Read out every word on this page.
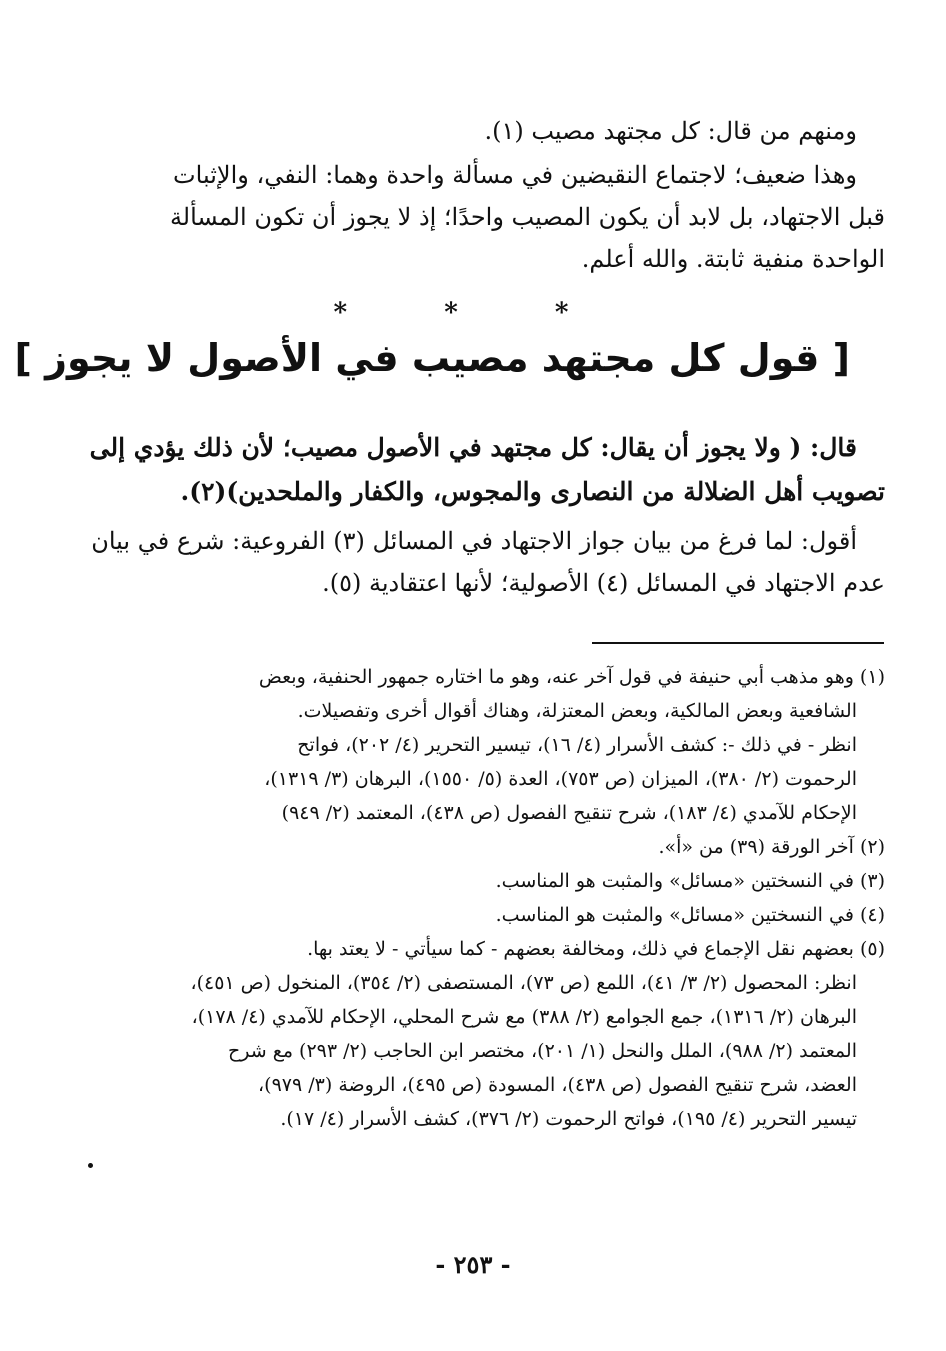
ومنهم من قال: كل مجتهد مصيب (١).
وهذا ضعيف؛ لاجتماع النقيضين في مسألة واحدة وهما: النفي، والإثبات
قبل الاجتهاد، بل لابد أن يكون المصيب واحدًا؛ إذ لا يجوز أن تكون المسألة
الواحدة منفية ثابتة. والله أعلم.
* * *
[ قول كل مجتهد مصيب في الأصول لا يجوز ]
قال: ( ولا يجوز أن يقال: كل مجتهد في الأصول مصيب؛ لأن ذلك يؤدي إلى
تصويب أهل الضلالة من النصارى والمجوس، والكفار والملحدين)(٢).
أقول: لما فرغ من بيان جواز الاجتهاد في المسائل (٣) الفروعية: شرع في بيان
عدم الاجتهاد في المسائل (٤) الأصولية؛ لأنها اعتقادية (٥).
(١) وهو مذهب أبي حنيفة في قول آخر عنه، وهو ما اختاره جمهور الحنفية، وبعض
الشافعية وبعض المالكية، وبعض المعتزلة، وهناك أقوال أخرى وتفصيلات.
انظر - في ذلك -: كشف الأسرار (٤/ ١٦)، تيسير التحرير (٤/ ٢٠٢)، فواتح
الرحموت (٢/ ٣٨٠)، الميزان (ص ٧٥٣)، العدة (٥/ ١٥٥٠)، البرهان (٣/ ١٣١٩)،
الإحكام للآمدي (٤/ ١٨٣)، شرح تنقيح الفصول (ص ٤٣٨)، المعتمد (٢/ ٩٤٩)
(٢) آخر الورقة (٣٩) من «أ».
(٣) في النسختين «مسائل» والمثبت هو المناسب.
(٤) في النسختين «مسائل» والمثبت هو المناسب.
(٥) بعضهم نقل الإجماع في ذلك، ومخالفة بعضهم - كما سيأتي - لا يعتد بها.
انظر: المحصول (٢/ ٣/ ٤١)، اللمع (ص ٧٣)، المستصفى (٢/ ٣٥٤)، المنخول (ص ٤٥١)،
البرهان (٢/ ١٣١٦)، جمع الجوامع (٢/ ٣٨٨) مع شرح المحلي، الإحكام للآمدي (٤/ ١٧٨)،
المعتمد (٢/ ٩٨٨)، الملل والنحل (١/ ٢٠١)، مختصر ابن الحاجب (٢/ ٢٩٣) مع شرح
العضد، شرح تنقيح الفصول (ص ٤٣٨)، المسودة (ص ٤٩٥)، الروضة (٣/ ٩٧٩)،
تيسير التحرير (٤/ ١٩٥)، فواتح الرحموت (٢/ ٣٧٦)، كشف الأسرار (٤/ ١٧).
- ٢٥٣ -
